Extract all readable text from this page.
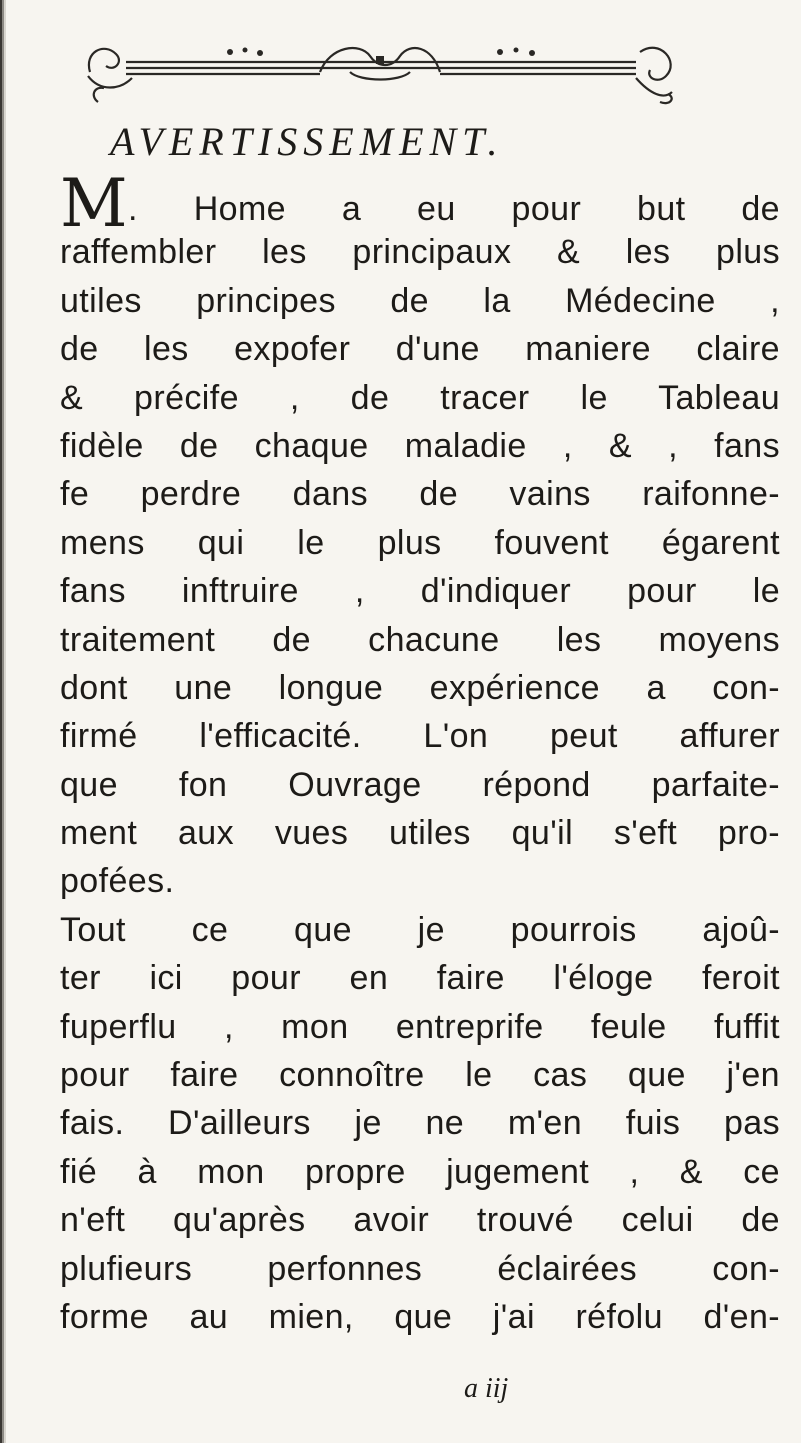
AVERTISSEMENT.
M. Home a eu pour but de
raffembler les principaux & les plus
utiles principes de la Médecine ,
de les expofer d'une maniere claire
& précife , de tracer le Tableau
fidèle de chaque maladie , & , fans
fe perdre dans de vains raifonne-
mens qui le plus fouvent égarent
fans inftruire , d'indiquer pour le
traitement de chacune les moyens
dont une longue expérience a con-
firmé l'efficacité. L'on peut affurer
que fon Ouvrage répond parfaite-
ment aux vues utiles qu'il s'eft pro-
pofées.
Tout ce que je pourrois ajoû-
ter ici pour en faire l'éloge feroit
fuperflu , mon entreprife feule fuffit
pour faire connoître le cas que j'en
fais. D'ailleurs je ne m'en fuis pas
fié à mon propre jugement , & ce
n'eft qu'après avoir trouvé celui de
plufieurs perfonnes éclairées con-
forme au mien, que j'ai réfolu d'en-
a iij
